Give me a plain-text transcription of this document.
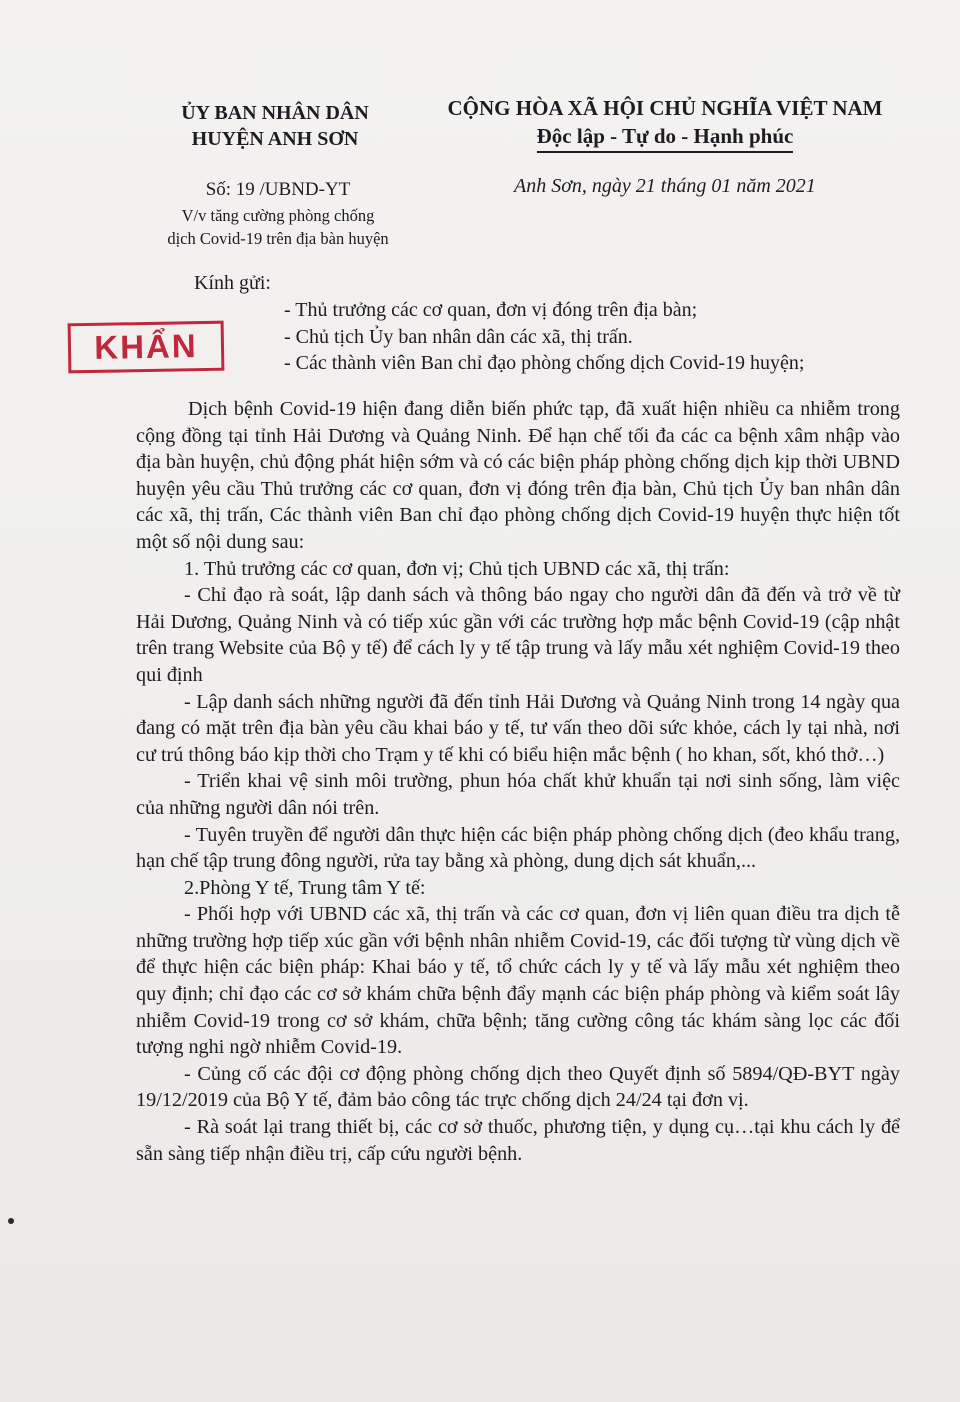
ỦY BAN NHÂN DÂN
HUYỆN ANH SƠN
CỘNG HÒA XÃ HỘI CHỦ NGHĨA VIỆT NAM
Độc lập - Tự do - Hạnh phúc
Số: 19 /UBND-YT
V/v tăng cường phòng chống
dịch Covid-19 trên địa bàn huyện
Anh Sơn, ngày 21 tháng 01 năm 2021
Kính gửi:
KHẨN
- Thủ trưởng các cơ quan, đơn vị đóng trên địa bàn;
- Chủ tịch Ủy ban nhân dân các xã, thị trấn.
- Các thành viên Ban chỉ đạo phòng chống dịch Covid-19 huyện;

Dịch bệnh Covid-19 hiện đang diễn biến phức tạp, đã xuất hiện nhiều ca nhiễm trong cộng đồng tại tỉnh Hải Dương và Quảng Ninh. Để hạn chế tối đa các ca bệnh xâm nhập vào địa bàn huyện, chủ động phát hiện sớm và có các biện pháp phòng chống dịch kịp thời UBND huyện yêu cầu Thủ trưởng các cơ quan, đơn vị đóng trên địa bàn, Chủ tịch Ủy ban nhân dân các xã, thị trấn, Các thành viên Ban chỉ đạo phòng chống dịch Covid-19 huyện thực hiện tốt một số nội dung sau:

1. Thủ trưởng các cơ quan, đơn vị; Chủ tịch UBND các xã, thị trấn:

- Chỉ đạo rà soát, lập danh sách và thông báo ngay cho người dân đã đến và trở về từ Hải Dương, Quảng Ninh và có tiếp xúc gần với các trường hợp mắc bệnh Covid-19 (cập nhật trên trang Website của Bộ y tế) để cách ly y tế tập trung và lấy mẫu xét nghiệm Covid-19 theo qui định

- Lập danh sách những người đã đến tỉnh Hải Dương và Quảng Ninh trong 14 ngày qua đang có mặt trên địa bàn yêu cầu khai báo y tế, tư vấn theo dõi sức khỏe, cách ly tại nhà, nơi cư trú thông báo kịp thời cho Trạm y tế khi có biểu hiện mắc bệnh ( ho khan, sốt, khó thở…)

- Triển khai vệ sinh môi trường, phun hóa chất khử khuẩn tại nơi sinh sống, làm việc của những người dân nói trên.

- Tuyên truyền để người dân thực hiện các biện pháp phòng chống dịch (đeo khẩu trang, hạn chế tập trung đông người, rửa tay bằng xà phòng, dung dịch sát khuẩn,...

2.Phòng Y tế, Trung tâm Y tế:

- Phối hợp với UBND các xã, thị trấn và các cơ quan, đơn vị liên quan điều tra dịch tễ những trường hợp tiếp xúc gần với bệnh nhân nhiễm Covid-19, các đối tượng từ vùng dịch về để thực hiện các biện pháp: Khai báo y tế, tổ chức cách ly y tế và lấy mẫu xét nghiệm theo quy định; chỉ đạo các cơ sở khám chữa bệnh đẩy mạnh các biện pháp phòng và kiểm soát lây nhiễm Covid-19 trong cơ sở khám, chữa bệnh; tăng cường công tác khám sàng lọc các đối tượng nghi ngờ nhiễm Covid-19.

- Củng cố các đội cơ động phòng chống dịch theo Quyết định số 5894/QĐ-BYT ngày 19/12/2019 của Bộ Y tế, đảm bảo công tác trực chống dịch 24/24 tại đơn vị.

- Rà soát lại trang thiết bị, các cơ sở thuốc, phương tiện, y dụng cụ…tại khu cách ly để sẵn sàng tiếp nhận điều trị, cấp cứu người bệnh.
